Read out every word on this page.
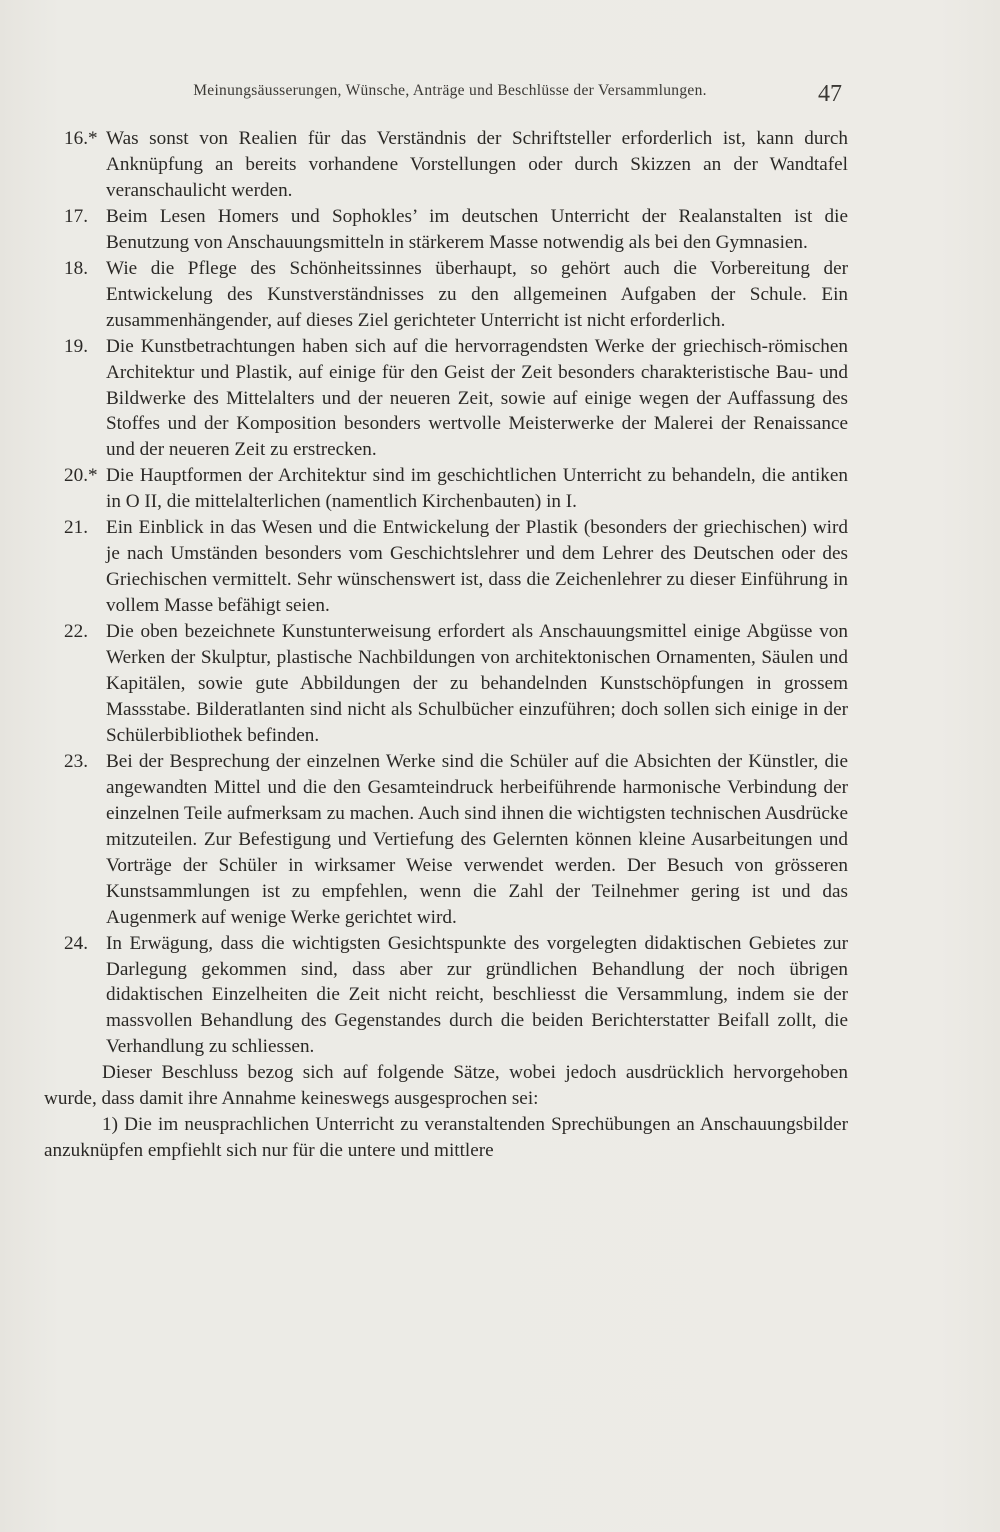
Meinungsäusserungen, Wünsche, Anträge und Beschlüsse der Versammlungen.	47

16.* Was sonst von Realien für das Verständnis der Schriftsteller erforderlich ist, kann durch Anknüpfung an bereits vorhandene Vorstellungen oder durch Skizzen an der Wandtafel veranschaulicht werden.

17. Beim Lesen Homers und Sophokles’ im deutschen Unterricht der Realanstalten ist die Benutzung von Anschauungsmitteln in stärkerem Masse notwendig als bei den Gymnasien.

18. Wie die Pflege des Schönheitssinnes überhaupt, so gehört auch die Vorbereitung der Entwickelung des Kunstverständnisses zu den allgemeinen Aufgaben der Schule. Ein zusammenhängender, auf dieses Ziel gerichteter Unterricht ist nicht erforderlich.

19. Die Kunstbetrachtungen haben sich auf die hervorragendsten Werke der griechisch-römischen Architektur und Plastik, auf einige für den Geist der Zeit besonders charakteristische Bau- und Bildwerke des Mittelalters und der neueren Zeit, sowie auf einige wegen der Auffassung des Stoffes und der Komposition besonders wertvolle Meisterwerke der Malerei der Renaissance und der neueren Zeit zu erstrecken.

20.* Die Hauptformen der Architektur sind im geschichtlichen Unterricht zu behandeln, die antiken in O II, die mittelalterlichen (namentlich Kirchenbauten) in I.

21. Ein Einblick in das Wesen und die Entwickelung der Plastik (besonders der griechischen) wird je nach Umständen besonders vom Geschichtslehrer und dem Lehrer des Deutschen oder des Griechischen vermittelt. Sehr wünschenswert ist, dass die Zeichenlehrer zu dieser Einführung in vollem Masse befähigt seien.

22. Die oben bezeichnete Kunstunterweisung erfordert als Anschauungsmittel einige Abgüsse von Werken der Skulptur, plastische Nachbildungen von architektonischen Ornamenten, Säulen und Kapitälen, sowie gute Abbildungen der zu behandelnden Kunstschöpfungen in grossem Massstabe. Bilderatlanten sind nicht als Schulbücher einzuführen; doch sollen sich einige in der Schülerbibliothek befinden.

23. Bei der Besprechung der einzelnen Werke sind die Schüler auf die Absichten der Künstler, die angewandten Mittel und die den Gesamteindruck herbeiführende harmonische Verbindung der einzelnen Teile aufmerksam zu machen. Auch sind ihnen die wichtigsten technischen Ausdrücke mitzuteilen. Zur Befestigung und Vertiefung des Gelernten können kleine Ausarbeitungen und Vorträge der Schüler in wirksamer Weise verwendet werden. Der Besuch von grösseren Kunstsammlungen ist zu empfehlen, wenn die Zahl der Teilnehmer gering ist und das Augenmerk auf wenige Werke gerichtet wird.

24. In Erwägung, dass die wichtigsten Gesichtspunkte des vorgelegten didaktischen Gebietes zur Darlegung gekommen sind, dass aber zur gründlichen Behandlung der noch übrigen didaktischen Einzelheiten die Zeit nicht reicht, beschliesst die Versammlung, indem sie der massvollen Behandlung des Gegenstandes durch die beiden Berichterstatter Beifall zollt, die Verhandlung zu schliessen.

Dieser Beschluss bezog sich auf folgende Sätze, wobei jedoch ausdrücklich hervorgehoben wurde, dass damit ihre Annahme keineswegs ausgesprochen sei:

1) Die im neusprachlichen Unterricht zu veranstaltenden Sprechübungen an Anschauungsbilder anzuknüpfen empfiehlt sich nur für die untere und mittlere
